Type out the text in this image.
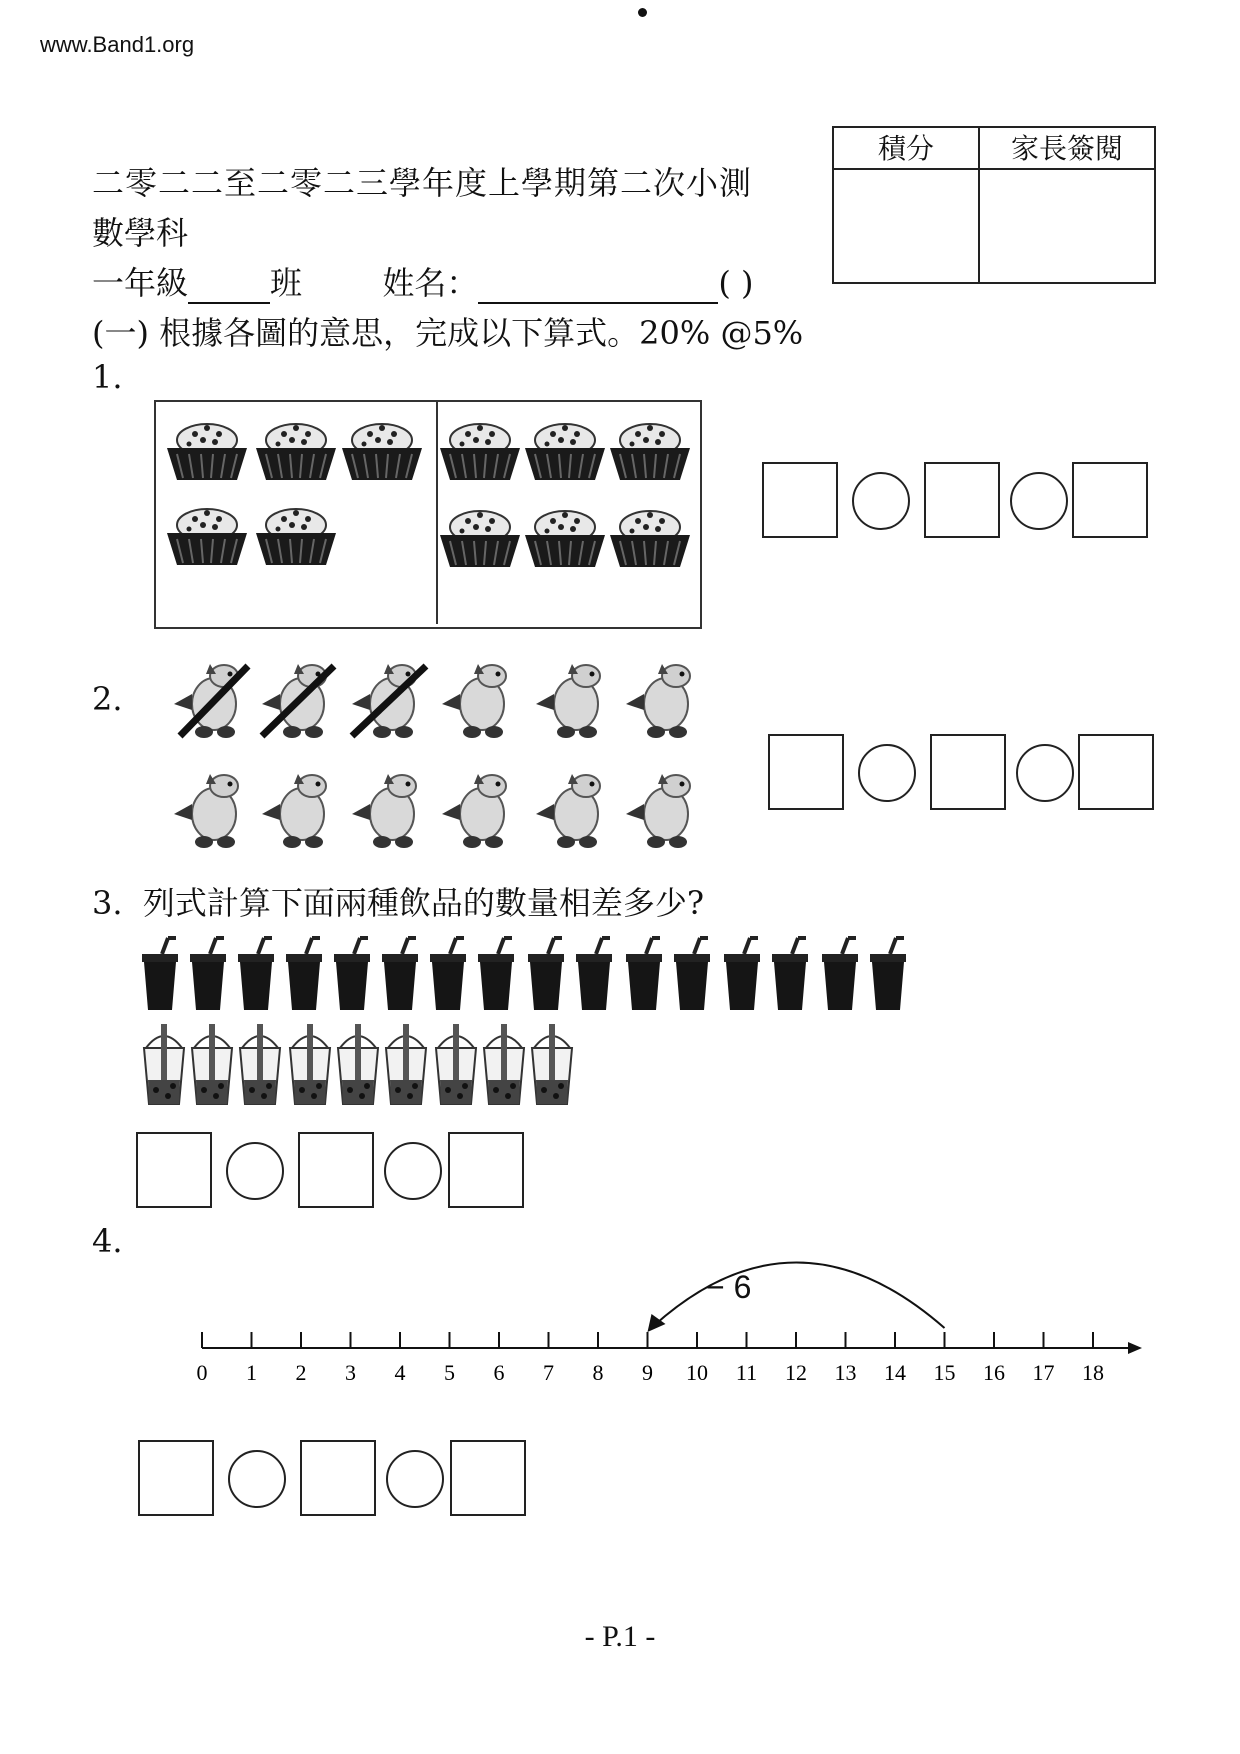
www.Band1.org
二零二二至二零二三學年度上學期第二次小測
數學科
一年級	班	姓名：	( )
積分	家長簽閱
(一) 根據各圖的意思，完成以下算式。20% @5%
1.
2.
3. 列式計算下面兩種飲品的數量相差多少?
4.
0 1 2 3 4 5 6 7 8 9 10 11 12 13 14 15 16 17 18
− 6
- P.1 -
